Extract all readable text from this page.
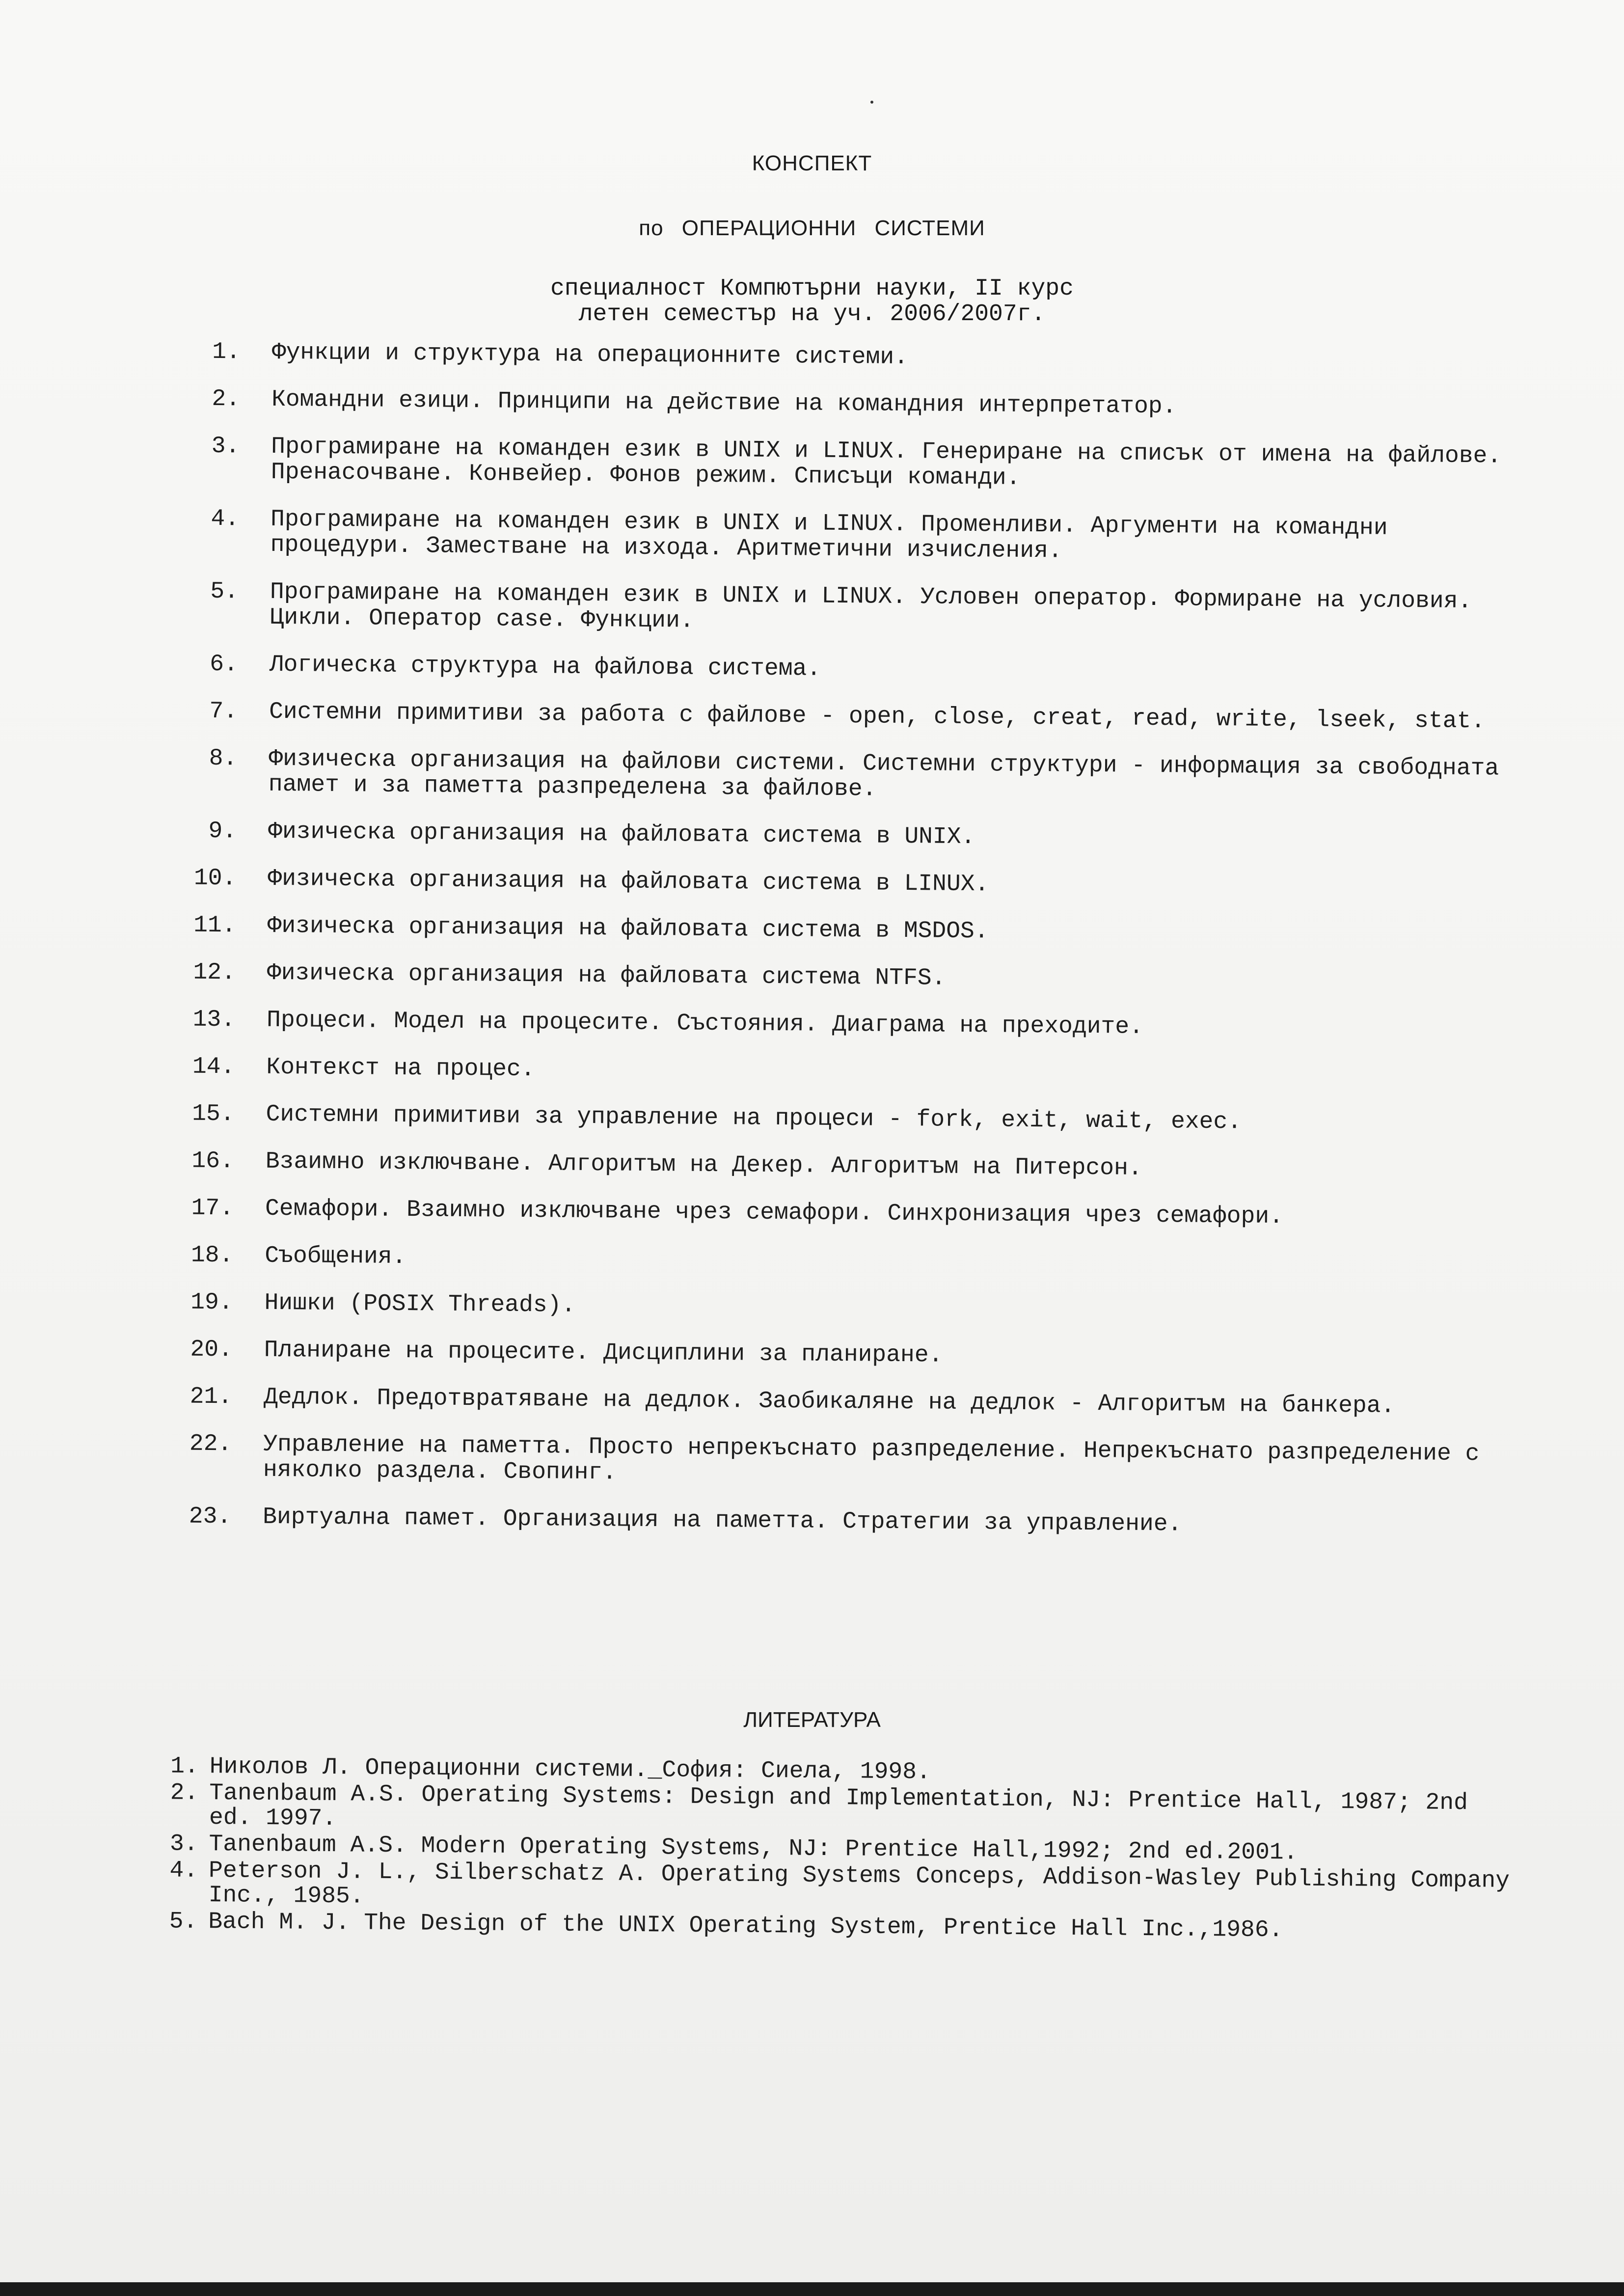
КОНСПЕКТ
по ОПЕРАЦИОННИ СИСТЕМИ
специалност Компютърни науки, II курс
летен семестър на уч. 2006/2007г.
1.	Функции и структура на операционните системи.
2.	Командни езици. Принципи на действие на командния интерпретатор.
3.	Програмиране на команден език в UNIX и LINUX. Генериране на списък от имена на файлове. Пренасочване. Конвейер. Фонов режим. Списъци команди.
4.	Програмиране на команден език в UNIX и LINUX. Променливи. Аргументи на командни процедури. Заместване на изхода. Аритметични изчисления.
5.	Програмиране на команден език в UNIX и LINUX. Условен оператор. Формиране на условия. Цикли. Оператор case. Функции.
6.	Логическа структура на файлова система.
7.	Системни примитиви за работа с файлове - open, close, creat, read, write, lseek, stat.
8.	Физическа организация на файлови системи. Системни структури - информация за свободната памет и за паметта разпределена за файлове.
9.	Физическа организация на файловата система в UNIX.
10.	Физическа организация на файловата система в LINUX.
11.	Физическа организация на файловата система в MSDOS.
12.	Физическа организация на файловата система NTFS.
13.	Процеси. Модел на процесите. Състояния. Диаграма на преходите.
14.	Контекст на процес.
15.	Системни примитиви за управление на процеси - fork, exit, wait, exec.
16.	Взаимно изключване. Алгоритъм на Декер. Алгоритъм на Питерсон.
17.	Семафори. Взаимно изключване чрез семафори. Синхронизация чрез семафори.
18.	Съобщения.
19.	Нишки (POSIX Threads).
20.	Планиране на процесите. Дисциплини за планиране.
21.	Дедлок. Предотвратяване на дедлок. Заобикаляне на дедлок - Алгоритъм на банкера.
22.	Управление на паметта. Просто непрекъснато разпределение. Непрекъснато разпределение с няколко раздела. Свопинг.
23.	Виртуална памет. Организация на паметта. Стратегии за управление.
ЛИТЕРАТУРА
1. Николов Л. Операционни системи._София: Сиела, 1998.
2. Tanenbaum A.S. Operating Systems: Design and Implementation, NJ: Prentice Hall, 1987; 2nd ed. 1997.
3. Tanenbaum A.S. Modern Operating Systems, NJ: Prentice Hall,1992; 2nd ed.2001.
4. Peterson J. L., Silberschatz A. Operating Systems Conceps, Addison-Wasley Publishing Company Inc., 1985.
5. Bach M. J. The Design of the UNIX Operating System, Prentice Hall Inc.,1986.
